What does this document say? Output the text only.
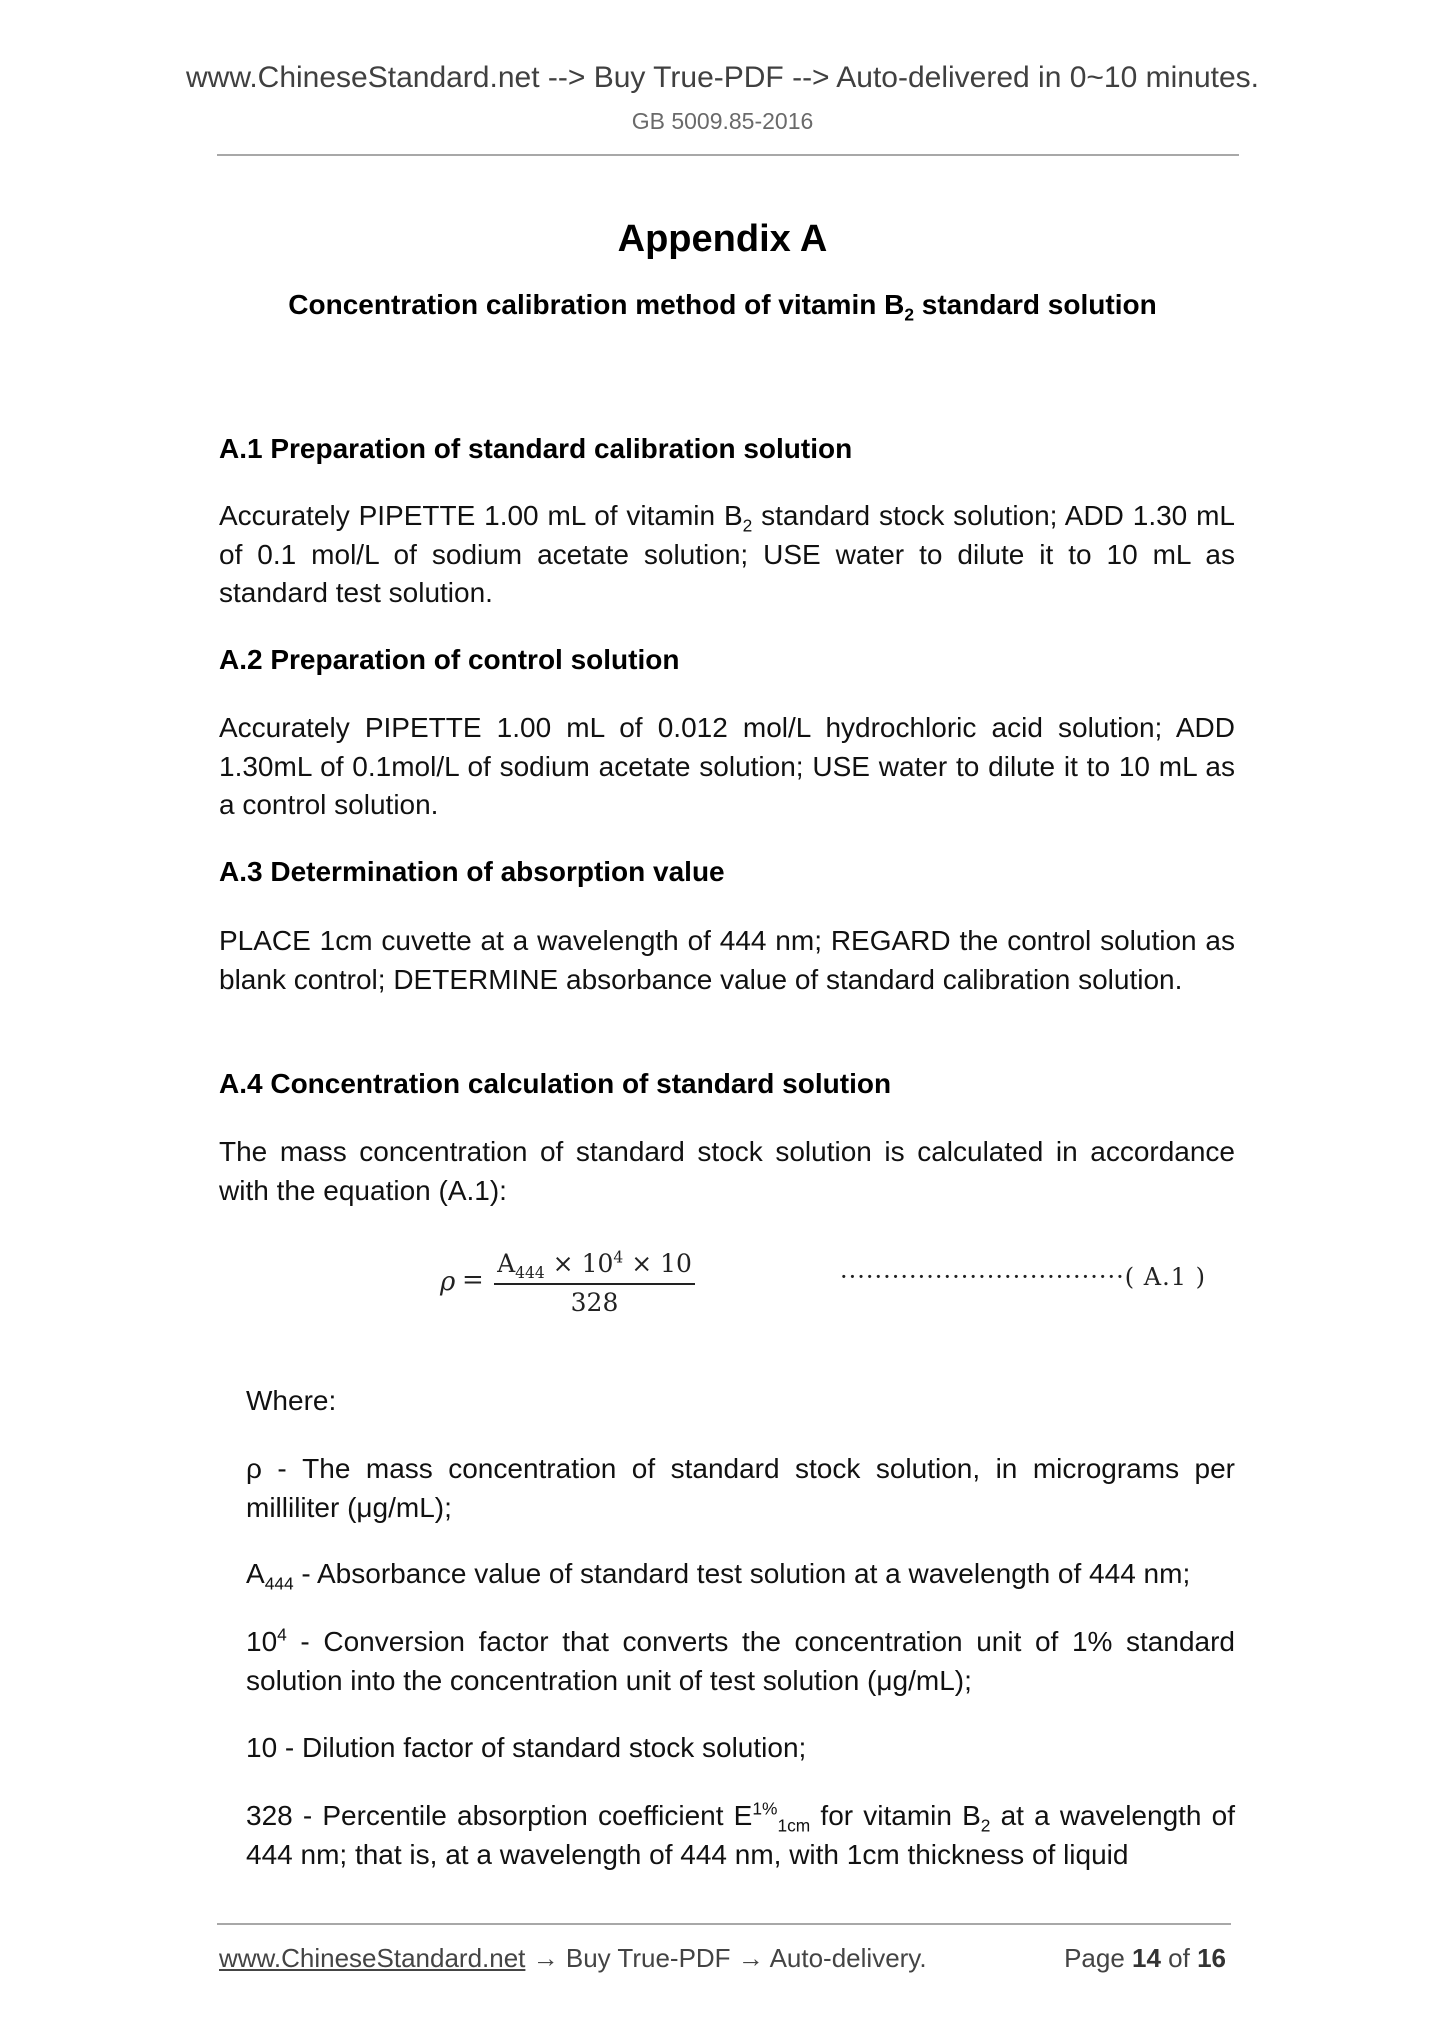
www.ChineseStandard.net --> Buy True-PDF --> Auto-delivered in 0~10 minutes.
GB 5009.85-2016
Appendix A
Concentration calibration method of vitamin $B_2$ standard solution
A.1 Preparation of standard calibration solution
Accurately PIPETTE 1.00 mL of vitamin $B_2$ standard stock solution; ADD 1.30 mL of 0.1 mol/L of sodium acetate solution; USE water to dilute it to 10 mL as standard test solution.
A.2 Preparation of control solution
Accurately PIPETTE 1.00 mL of 0.012 mol/L hydrochloric acid solution; ADD 1.30mL of 0.1mol/L of sodium acetate solution; USE water to dilute it to 10 mL as a control solution.
A.3 Determination of absorption value
PLACE 1cm cuvette at a wavelength of 444 nm; REGARD the control solution as blank control; DETERMINE absorbance value of standard calibration solution.
A.4 Concentration calculation of standard solution
The mass concentration of standard stock solution is calculated in accordance with the equation (A.1):
ρ =
$A_{444} \times 10^4 \times 10$
328
·································( A.1 )
Where:
ρ - The mass concentration of standard stock solution, in micrograms per milliliter (μg/mL);
$A_{444}$ - Absorbance value of standard test solution at a wavelength of 444 nm;
$10^4$ - Conversion factor that converts the concentration unit of 1% standard solution into the concentration unit of test solution (μg/mL);
10 - Dilution factor of standard stock solution;
328 - Percentile absorption coefficient $E^{1\%}_{1cm}$ for vitamin $B_2$ at a wavelength of 444 nm; that is, at a wavelength of 444 nm, with 1cm thickness of liquid
www.ChineseStandard.net → Buy True-PDF → Auto-delivery.	Page 14 of 16
